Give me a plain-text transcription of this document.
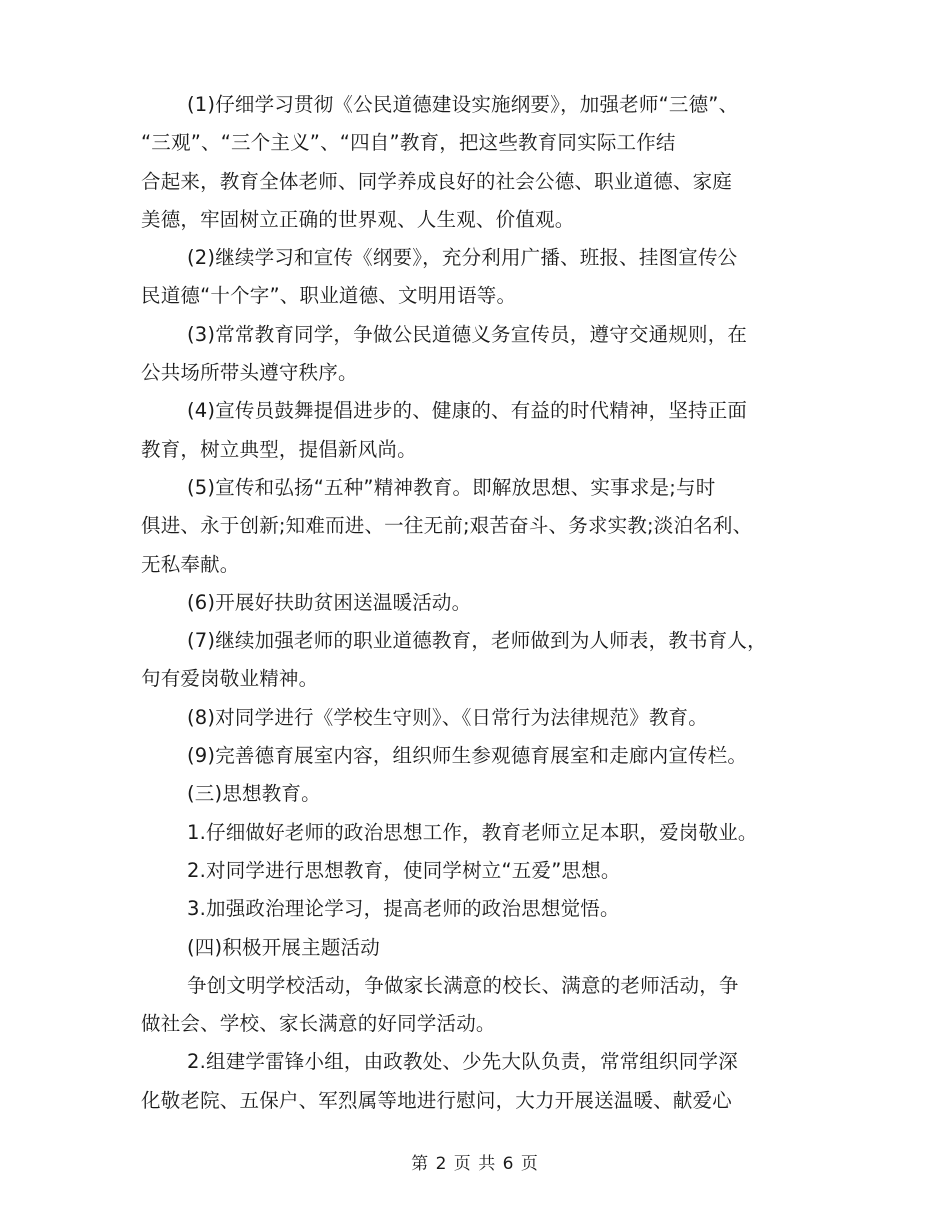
(1)仔细学习贯彻《公民道德建设实施纲要》，加强老师“三德”、
“三观”、“三个主义”、“四自”教育，把这些教育同实际工作结
合起来，教育全体老师、同学养成良好的社会公德、职业道德、家庭
美德，牢固树立正确的世界观、人生观、价值观。
(2)继续学习和宣传《纲要》，充分利用广播、班报、挂图宣传公
民道德“十个字”、职业道德、文明用语等。
(3)常常教育同学，争做公民道德义务宣传员，遵守交通规则，在
公共场所带头遵守秩序。
(4)宣传员鼓舞提倡进步的、健康的、有益的时代精神，坚持正面
教育，树立典型，提倡新风尚。
(5)宣传和弘扬“五种”精神教育。即解放思想、实事求是;与时
俱进、永于创新;知难而进、一往无前;艰苦奋斗、务求实教;淡泊名利、
无私奉献。
(6)开展好扶助贫困送温暖活动。
(7)继续加强老师的职业道德教育，老师做到为人师表，教书育人，
句有爱岗敬业精神。
(8)对同学进行《学校生守则》、《日常行为法律规范》教育。
(9)完善德育展室内容，组织师生参观德育展室和走廊内宣传栏。
(三)思想教育。
1.仔细做好老师的政治思想工作，教育老师立足本职，爱岗敬业。
2.对同学进行思想教育，使同学树立“五爱”思想。
3.加强政治理论学习，提高老师的政治思想觉悟。
(四)积极开展主题活动
争创文明学校活动，争做家长满意的校长、满意的老师活动，争
做社会、学校、家长满意的好同学活动。
2.组建学雷锋小组，由政教处、少先大队负责，常常组织同学深
化敬老院、五保户、军烈属等地进行慰问，大力开展送温暖、献爱心
第 2 页 共 6 页
